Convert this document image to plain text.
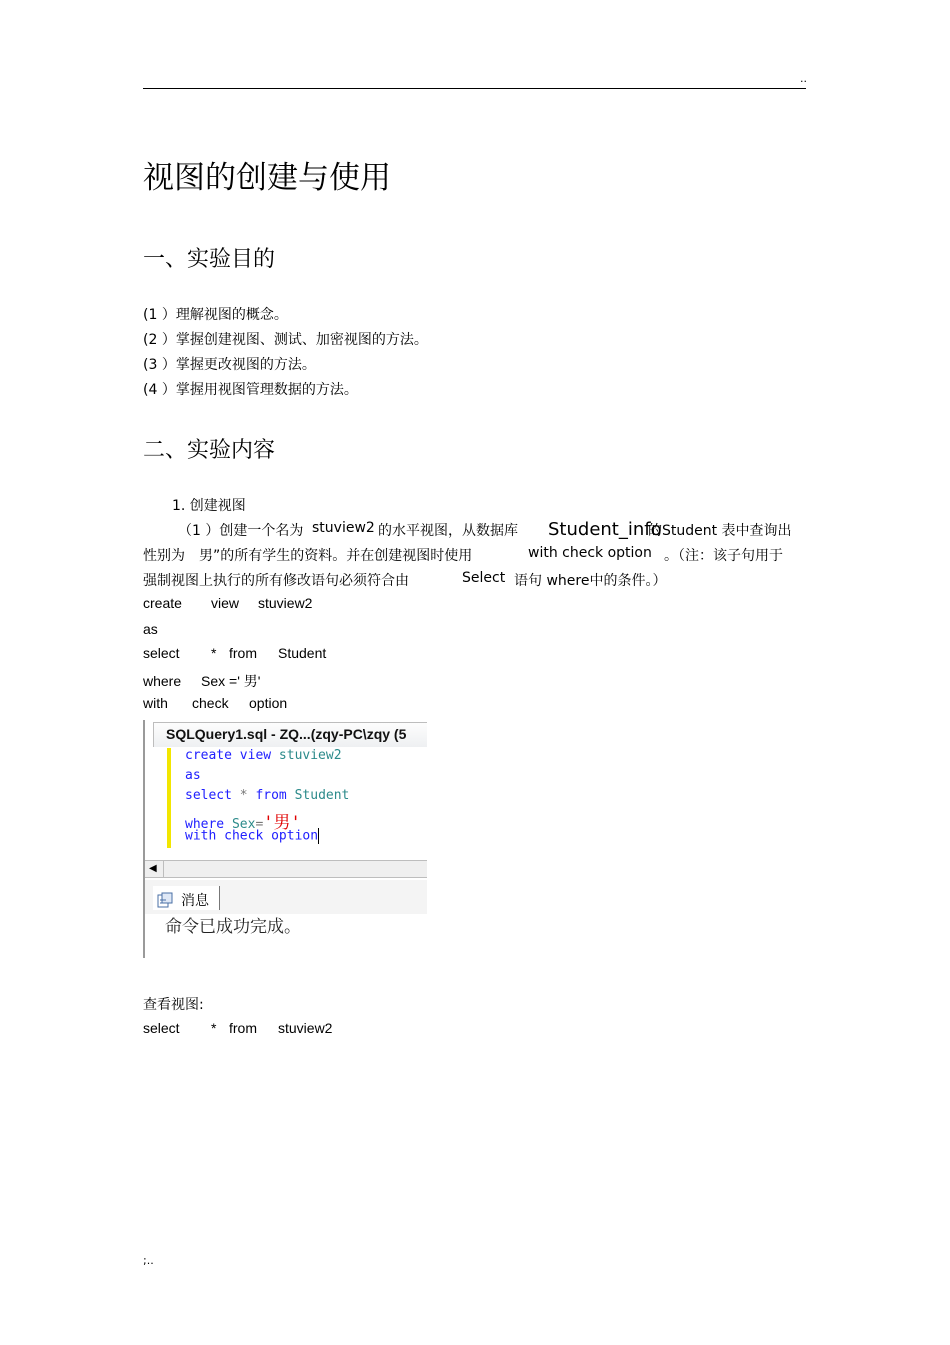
..
视图的创建与使用
一、实验目的
(1 ）理解视图的概念。
(2 ）掌握创建视图、测试、加密视图的方法。
(3 ）掌握更改视图的方法。
(4 ）掌握用视图管理数据的方法。
二、实验内容
1. 创建视图
（1 ）创建一个名为 stuview2 的水平视图，从数据库 Student_info
的Student 表中查询出
性别为　男”的所有学生的资料。并在创建视图时使用	with check option 。（注：该子句用于
强制视图上执行的所有修改语句必须符合由	Select 语句 where中的条件。）
create view stuview2
as
select * from Student
where Sex =' 男'
with check option
SQLQuery1.sql - ZQ...(zqy-PC\zqy (5
create view stuview2
as
select * from Student
where Sex='男'
with check option
◀
消息
命令已成功完成。
查看视图:
select * from stuview2
;..
